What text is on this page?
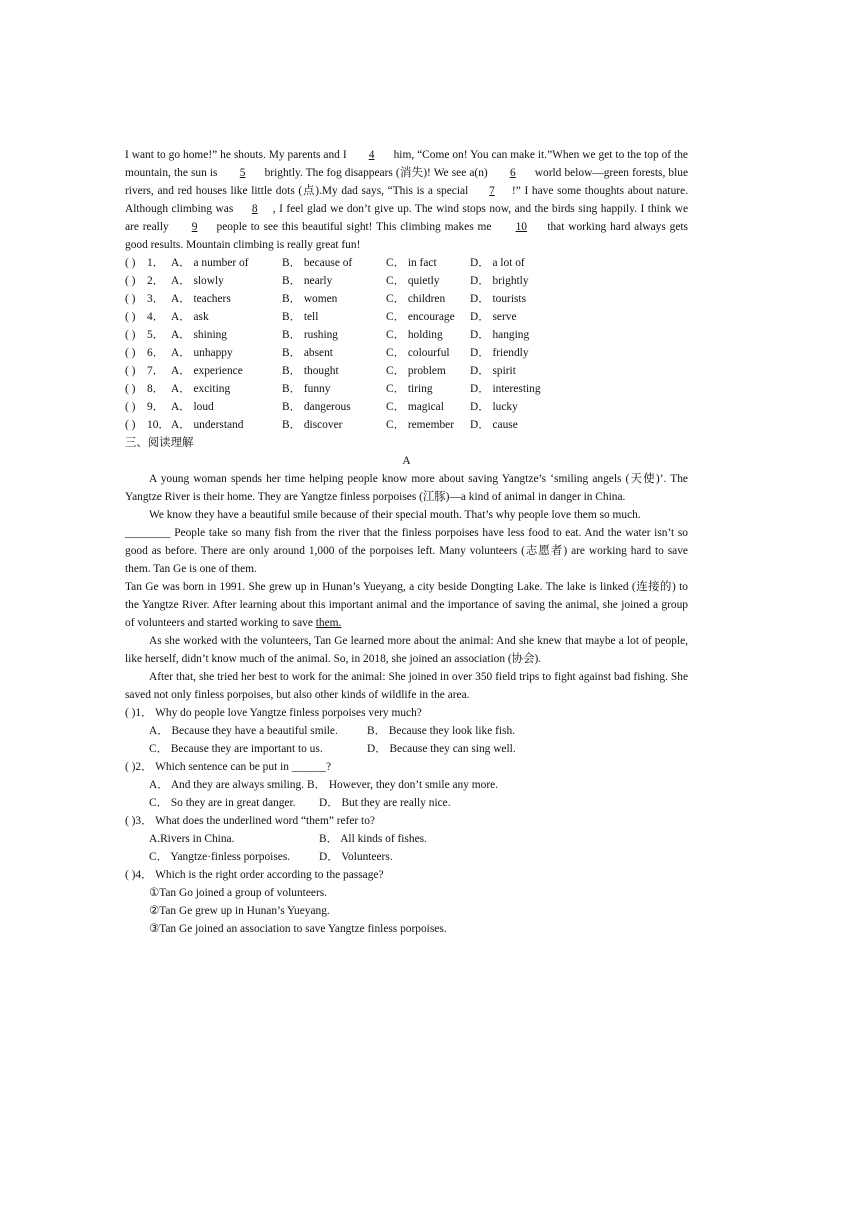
I want to go home!” he shouts. My parents and I 4 him, “Come on! You can make it.”When we get to the top of the mountain, the sun is 5 brightly. The fog disappears (消失)! We see a(n) 6 world below—green forests, blue rivers, and red houses like little dots (点).My dad says, “This is a special 7 !” I have some thoughts about nature. Although climbing was 8 , I feel glad we don’t give up. The wind stops now, and the birds sing happily. I think we are really 9 people to see this beautiful sight! This climbing makes me 10 that working hard always gets good results. Mountain climbing is really great fun!

( )	1． A． a number of	B． because of	C． in fact	D． a lot of
( )	2． A． slowly	B． nearly	C． quietly	D． brightly
( )	3． A． teachers	B． women	C． children	D． tourists
( )	4． A． ask	B． tell	C． encourage	D． serve
( )	5． A． shining	B． rushing	C． holding	D． hanging
( )	6． A． unhappy	B． absent	C． colourful	D． friendly
( )	7． A． experience	B． thought	C． problem	D． spirit
( )	8． A． exciting	B． funny	C． tiring	D． interesting
( )	9． A． loud	B． dangerous	C． magical	D． lucky
( )	10． A． understand	B． discover	C． remember	D． cause
三、阅读理解
A

A young woman spends her time helping people know more about saving Yangtze’s ‘smiling angels (天使)’. The Yangtze River is their home. They are Yangtze finless porpoises (江豚)—a kind of animal in danger in China.

We know they have a beautiful smile because of their special mouth. That’s why people love them so much.
________ People take so many fish from the river that the finless porpoises have less food to eat. And the water isn’t so good as before. There are only around 1,000 of the porpoises left. Many volunteers (志愿者) are working hard to save them. Tan Ge is one of them.

Tan Ge was born in 1991. She grew up in Hunan’s Yueyang, a city beside Dongting Lake. The lake is linked (连接的) to the Yangtze River. After learning about this important animal and the importance of saving the animal, she joined a group of volunteers and started working to save them.

As she worked with the volunteers, Tan Ge learned more about the animal: And she knew that maybe a lot of people, like herself, didn’t know much of the animal. So, in 2018, she joined an association (协会).

After that, she tried her best to work for the animal: She joined in over 350 field trips to fight against bad fishing. She saved not only finless porpoises, but also other kinds of wildlife in the area.

( )1． Why do people love Yangtze finless porpoises very much?
A． Because they have a beautiful smile.	B． Because they look like fish.
C． Because they are important to us.	D． Because they can sing well.
( )2． Which sentence can be put in ______?
A． And they are always smiling. B． However, they don’t smile any more.
C． So they are in great danger.	D． But they are really nice.
( )3． What does the underlined word “them” refer to?
A.Rivers in China.	B． All kinds of fishes.
C． Yangtze·finless porpoises.	D． Volunteers.
( )4． Which is the right order according to the passage?
①Tan Go joined a group of volunteers.
②Tan Ge grew up in Hunan’s Yueyang.
③Tan Ge joined an association to save Yangtze finless porpoises.
